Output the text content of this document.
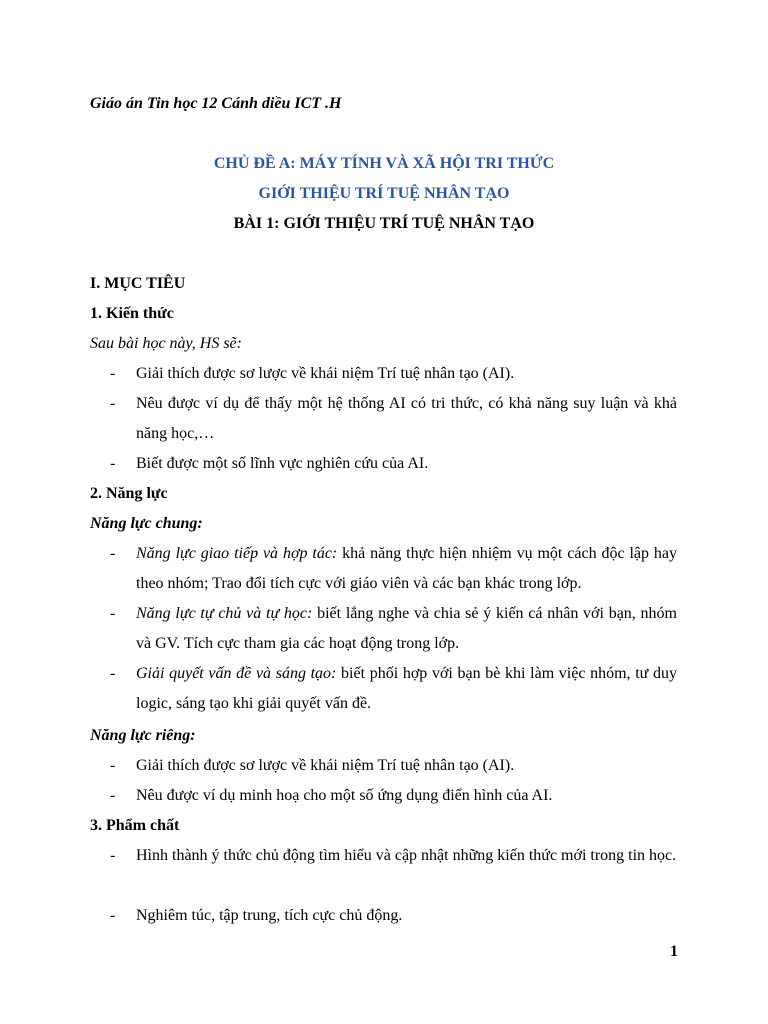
Giáo án Tin học 12 Cánh diều ICT .H
CHỦ ĐỀ A: MÁY TÍNH VÀ XÃ HỘI TRI THỨC
GIỚI THIỆU TRÍ TUỆ NHÂN TẠO
BÀI 1: GIỚI THIỆU TRÍ TUỆ NHÂN TẠO
I. MỤC TIÊU
1. Kiến thức
Sau bài học này, HS sẽ:
- Giải thích được sơ lược về khái niệm Trí tuệ nhân tạo (AI).
- Nêu được ví dụ để thấy một hệ thống AI có tri thức, có khả năng suy luận và khả năng học,…
- Biết được một số lĩnh vực nghiên cứu của AI.
2. Năng lực
Năng lực chung:
- Năng lực giao tiếp và hợp tác: khả năng thực hiện nhiệm vụ một cách độc lập hay theo nhóm; Trao đổi tích cực với giáo viên và các bạn khác trong lớp.
- Năng lực tự chủ và tự học: biết lắng nghe và chia sẻ ý kiến cá nhân với bạn, nhóm và GV. Tích cực tham gia các hoạt động trong lớp.
- Giải quyết vấn đề và sáng tạo: biết phối hợp với bạn bè khi làm việc nhóm, tư duy logic, sáng tạo khi giải quyết vấn đề.
Năng lực riêng:
- Giải thích được sơ lược về khái niệm Trí tuệ nhân tạo (AI).
- Nêu được ví dụ minh hoạ cho một số ứng dụng điển hình của AI.
3. Phẩm chất
- Hình thành ý thức chủ động tìm hiểu và cập nhật những kiến thức mới trong tin học.
- Nghiêm túc, tập trung, tích cực chủ động.
1
